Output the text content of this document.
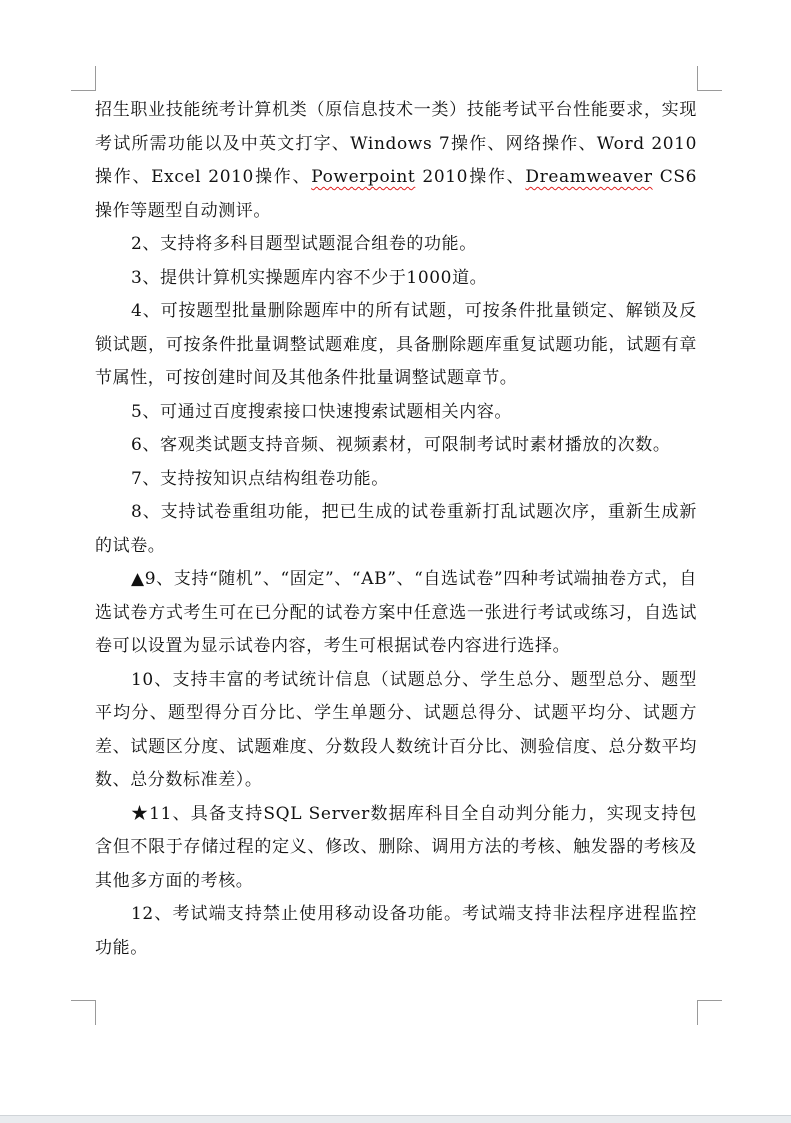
招生职业技能统考计算机类（原信息技术一类）技能考试平台性能要求，实现考试所需功能以及中英文打字、Windows 7操作、网络操作、Word 2010操作、Excel 2010操作、Powerpoint 2010操作、Dreamweaver CS6操作等题型自动测评。

2、支持将多科目题型试题混合组卷的功能。

3、提供计算机实操题库内容不少于1000道。

4、可按题型批量删除题库中的所有试题，可按条件批量锁定、解锁及反锁试题，可按条件批量调整试题难度，具备删除题库重复试题功能，试题有章节属性，可按创建时间及其他条件批量调整试题章节。

5、可通过百度搜索接口快速搜索试题相关内容。

6、客观类试题支持音频、视频素材，可限制考试时素材播放的次数。

7、支持按知识点结构组卷功能。

8、支持试卷重组功能，把已生成的试卷重新打乱试题次序，重新生成新的试卷。

▲9、支持“随机”、“固定”、“AB”、“自选试卷”四种考试端抽卷方式，自选试卷方式考生可在已分配的试卷方案中任意选一张进行考试或练习，自选试卷可以设置为显示试卷内容，考生可根据试卷内容进行选择。

10、支持丰富的考试统计信息（试题总分、学生总分、题型总分、题型平均分、题型得分百分比、学生单题分、试题总得分、试题平均分、试题方差、试题区分度、试题难度、分数段人数统计百分比、测验信度、总分数平均数、总分数标准差）。

★11、具备支持SQL Server数据库科目全自动判分能力，实现支持包含但不限于存储过程的定义、修改、删除、调用方法的考核、触发器的考核及其他多方面的考核。

12、考试端支持禁止使用移动设备功能。考试端支持非法程序进程监控功能。
